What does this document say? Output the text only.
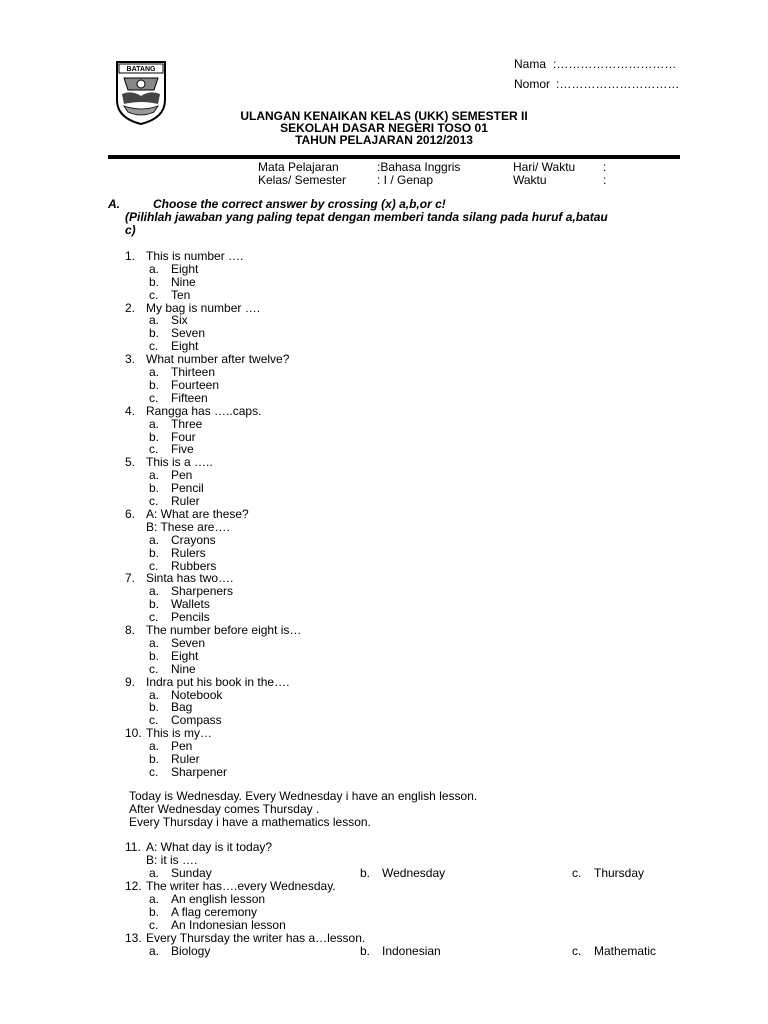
BATANG	Nama :…………………………
Nomor :…………………………
ULANGAN KENAIKAN KELAS (UKK) SEMESTER II
SEKOLAH DASAR NEGERI TOSO 01
TAHUN PELAJARAN 2012/2013
Mata Pelajaran	:Bahasa Inggris	Hari/ Waktu :
Kelas/ Semester	: I / Genap	Waktu	:
A.	Choose the correct answer by crossing (x) a,b,or c!
(Pilihlah jawaban yang paling tepat dengan memberi tanda silang pada huruf a,batau
c)
1. This is number ….
a. Eight
b. Nine
c. Ten
2. My bag is number ….
a. Six
b. Seven
c. Eight
3. What number after twelve?
a. Thirteen
b. Fourteen
c. Fifteen
4. Rangga has …..caps.
a. Three
b. Four
c. Five
5. This is a …..
a. Pen
b. Pencil
c. Ruler
6. A: What are these?
B: These are….
a. Crayons
b. Rulers
c. Rubbers
7. Sinta has two….
a. Sharpeners
b. Wallets
c. Pencils
8. The number before eight is…
a. Seven
b. Eight
c. Nine
9. Indra put his book in the….
a. Notebook
b. Bag
c. Compass
10. This is my…
a. Pen
b. Ruler
c. Sharpener
Today is Wednesday. Every Wednesday i have an english lesson.
After Wednesday comes Thursday .
Every Thursday i have a mathematics lesson.
11. A: What day is it today?
B: it is ….
a. Sunday	b. Wednesday	c. Thursday
12. The writer has….every Wednesday.
a. An english lesson
b. A flag ceremony
c. An Indonesian lesson
13. Every Thursday the writer has a…lesson.
a. Biology	b. Indonesian	c. Mathematic
